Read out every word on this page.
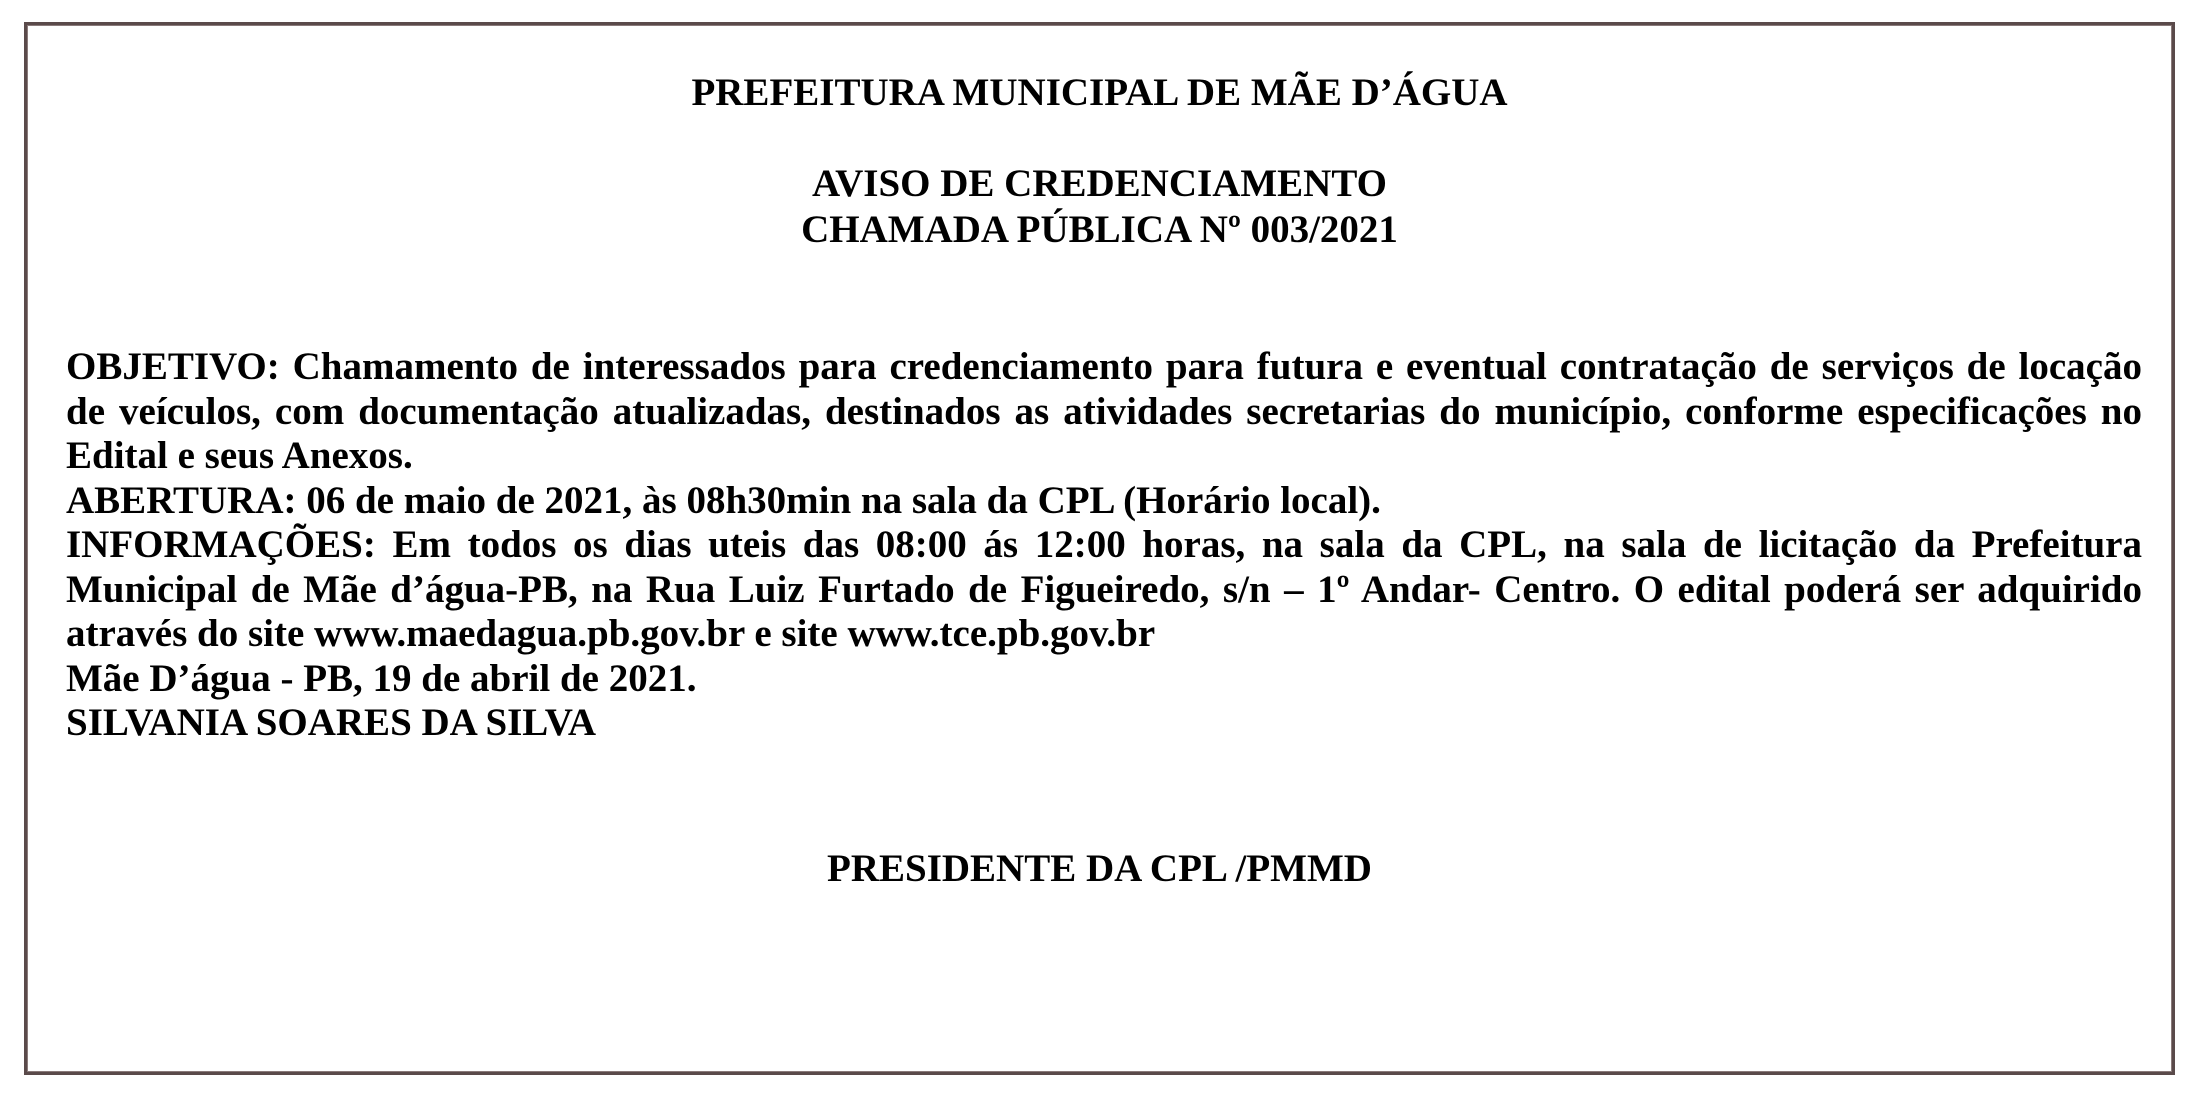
PREFEITURA MUNICIPAL DE MÃE D’ÁGUA
AVISO DE CREDENCIAMENTO
CHAMADA PÚBLICA Nº 003/2021

OBJETIVO: Chamamento de interessados para credenciamento para futura e eventual contratação de serviços de locação de veículos, com documentação atualizadas, destinados as atividades secretarias do município, conforme especificações no Edital e seus Anexos.

ABERTURA: 06 de maio de 2021, às 08h30min na sala da CPL (Horário local).

INFORMAÇÕES: Em todos os dias uteis das 08:00 ás 12:00 horas, na sala da CPL, na sala de licitação da Prefeitura Municipal de Mãe d’água-PB, na Rua Luiz Furtado de Figueiredo, s/n – 1º Andar- Centro. O edital poderá ser adquirido através do site www.maedagua.pb.gov.br e site www.tce.pb.gov.br

Mãe D’água - PB, 19 de abril de 2021.

SILVANIA SOARES DA SILVA

PRESIDENTE DA CPL /PMMD
